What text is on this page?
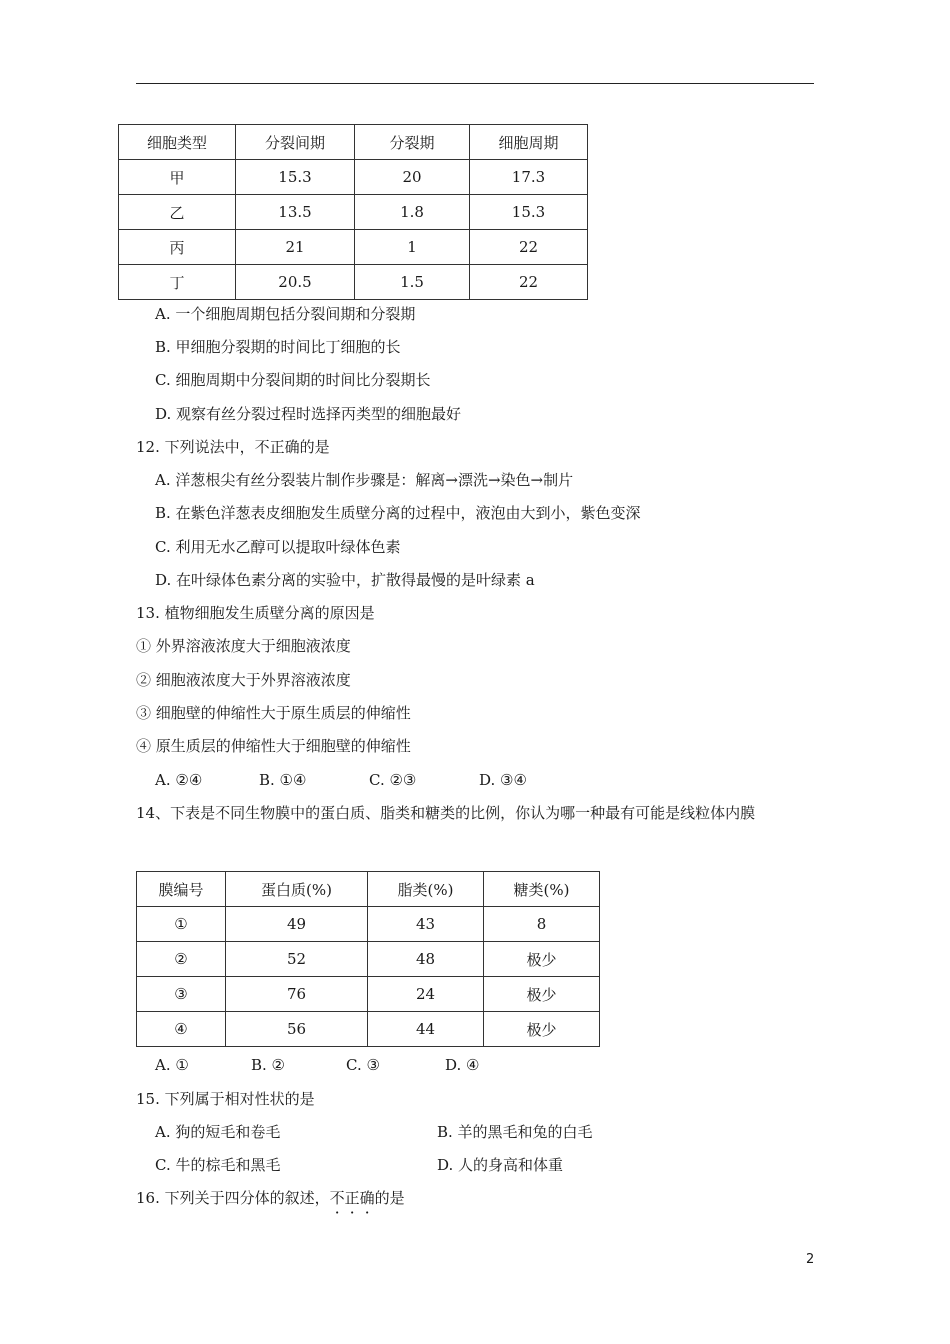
细胞类型	分裂间期	分裂期	细胞周期
甲	15.3	20	17.3
乙	13.5	1.8	15.3
丙	21	1	22
丁	20.5	1.5	22
A. 一个细胞周期包括分裂间期和分裂期
B. 甲细胞分裂期的时间比丁细胞的长
C. 细胞周期中分裂间期的时间比分裂期长
D. 观察有丝分裂过程时选择丙类型的细胞最好
12. 下列说法中，不正确的是
A. 洋葱根尖有丝分裂装片制作步骤是：解离→漂洗→染色→制片
B. 在紫色洋葱表皮细胞发生质壁分离的过程中，液泡由大到小，紫色变深
C. 利用无水乙醇可以提取叶绿体色素
D. 在叶绿体色素分离的实验中，扩散得最慢的是叶绿素 a
13. 植物细胞发生质壁分离的原因是
① 外界溶液浓度大于细胞液浓度
② 细胞液浓度大于外界溶液浓度
③ 细胞壁的伸缩性大于原生质层的伸缩性
④ 原生质层的伸缩性大于细胞壁的伸缩性
A. ②④	B. ①④	C. ②③	D. ③④
14、下表是不同生物膜中的蛋白质、脂类和糖类的比例，你认为哪一种最有可能是线粒体内膜
膜编号	蛋白质(%)	脂类(%)	糖类(%)
①	49	43	8
②	52	48	极少
③	76	24	极少
④	56	44	极少
A. ①	B. ②	C. ③	D. ④
15. 下列属于相对性状的是
A. 狗的短毛和卷毛	B. 羊的黑毛和兔的白毛
C. 牛的棕毛和黑毛	D. 人的身高和体重
16. 下列关于四分体的叙述，不正确的是
2
